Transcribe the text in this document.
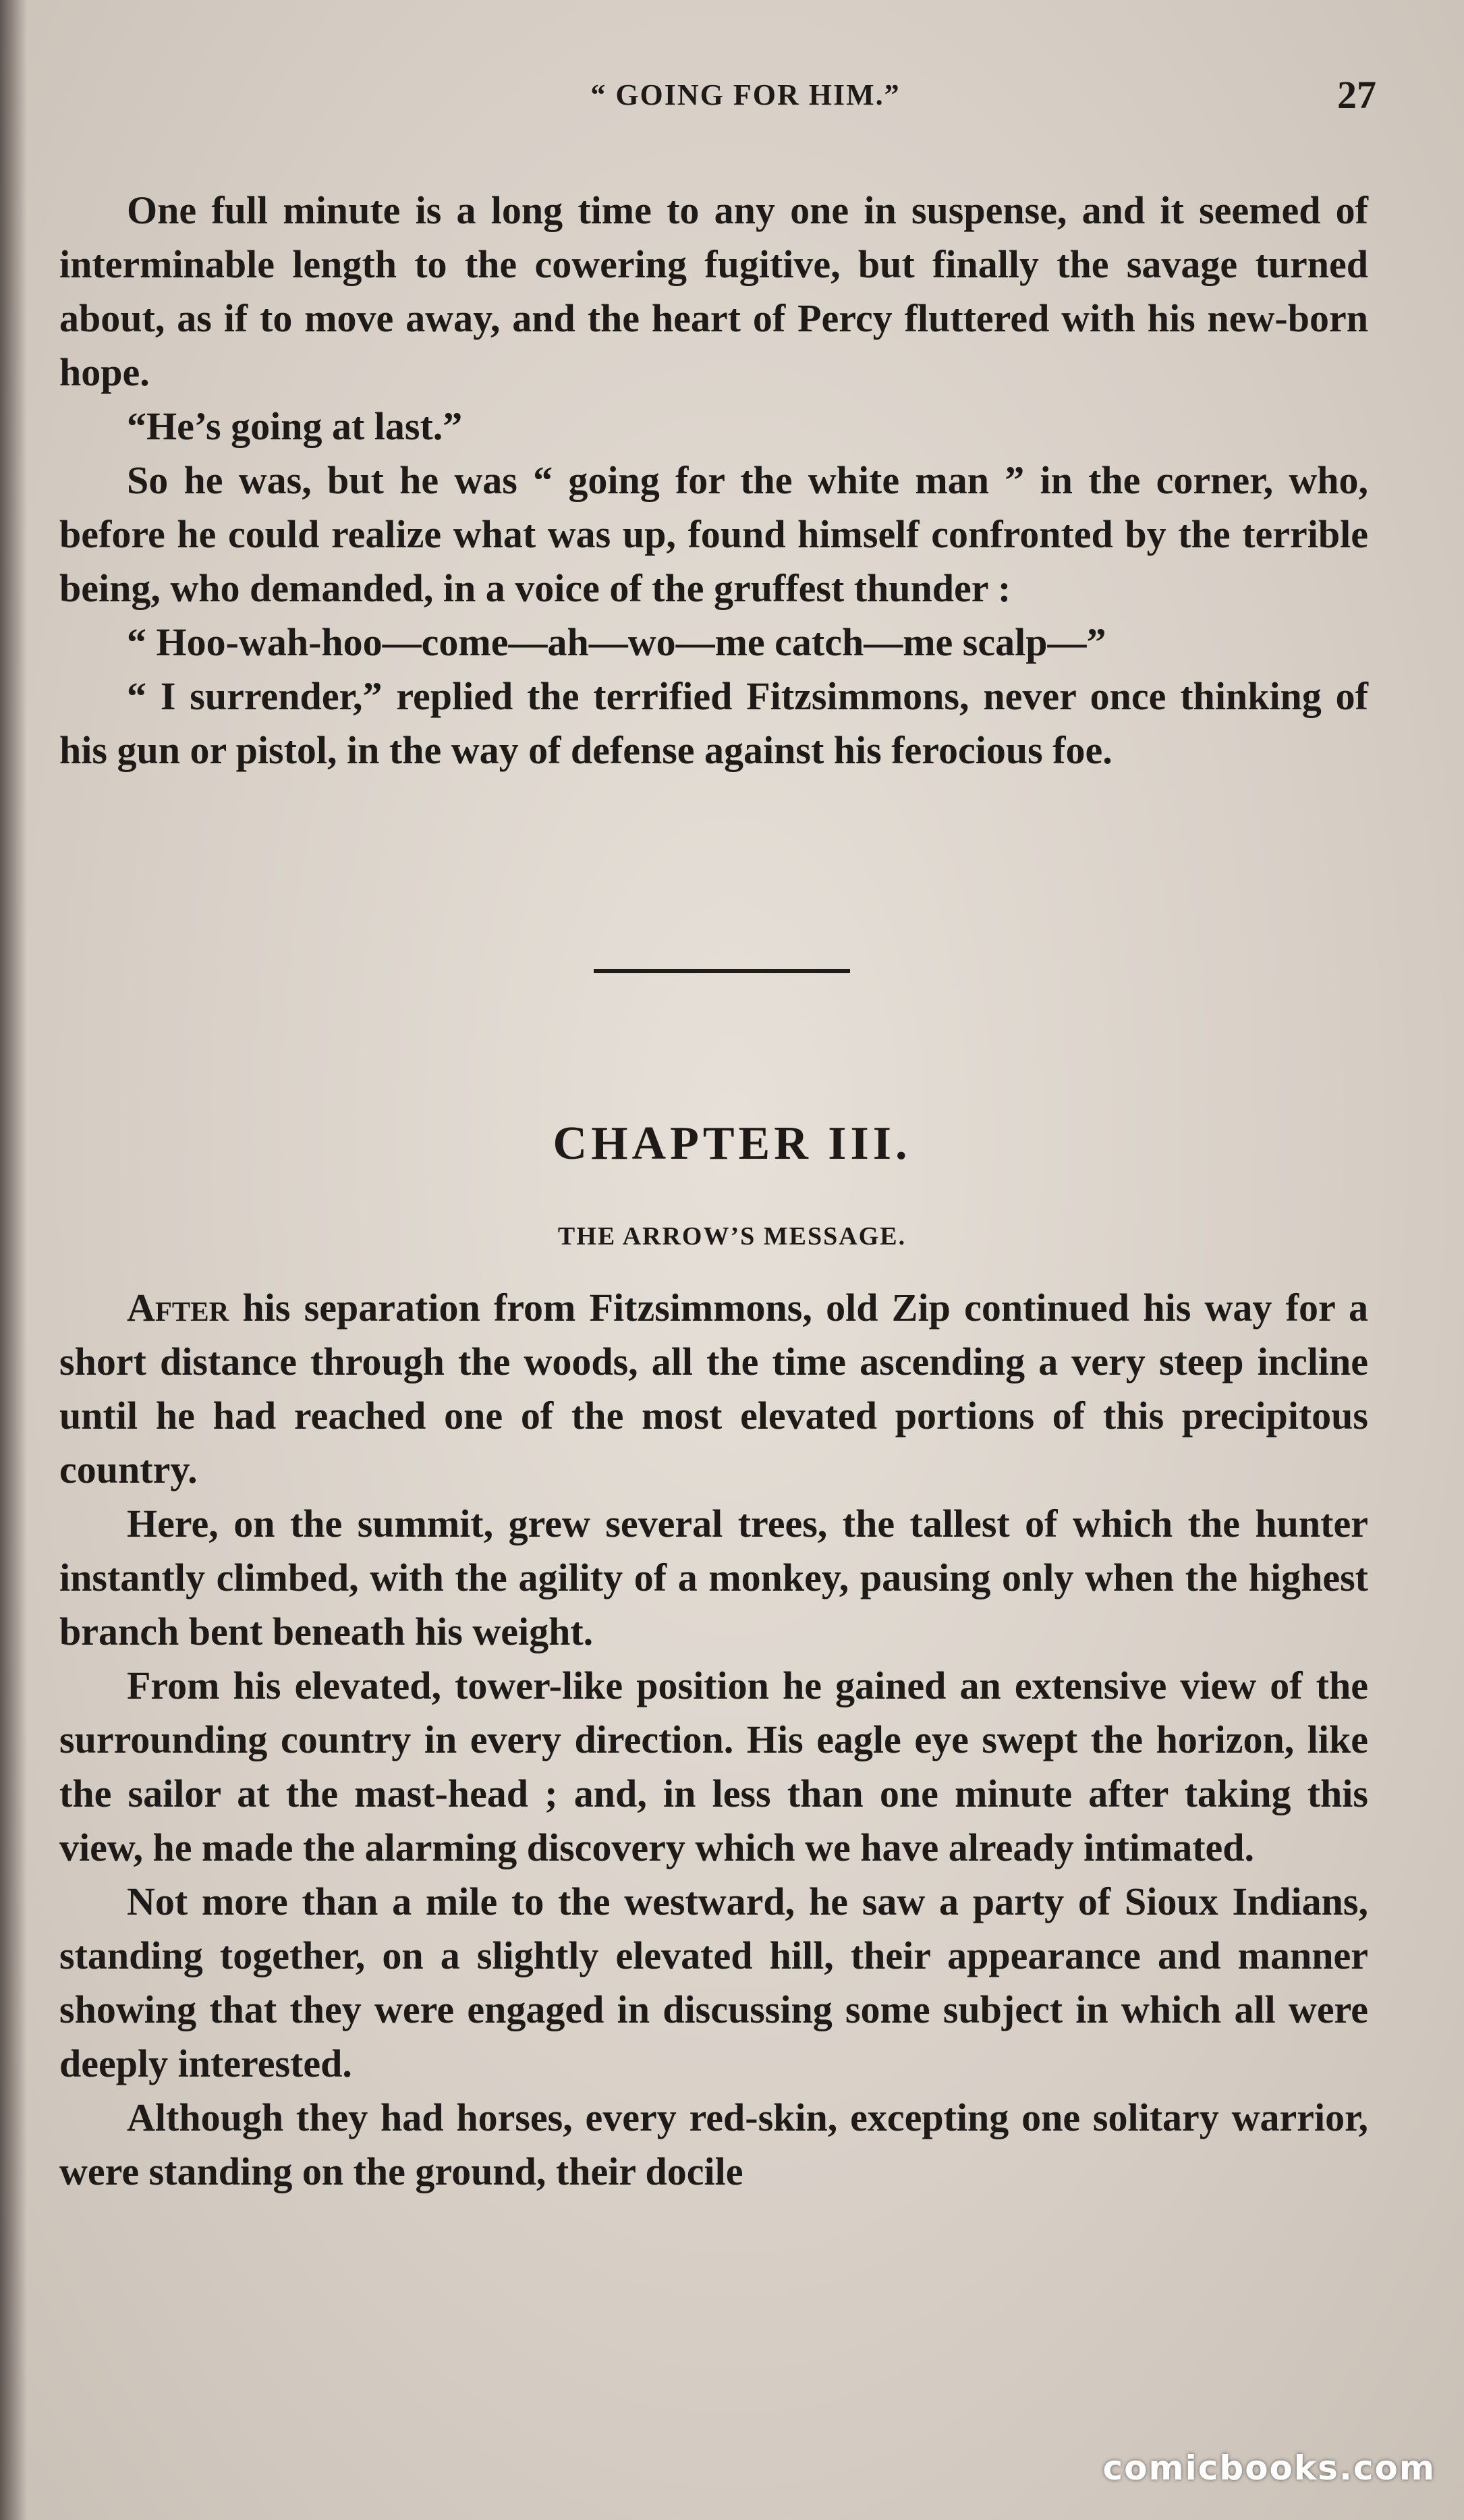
“ GOING FOR HIM.”	27

One full minute is a long time to any one in suspense, and it seemed of interminable length to the cowering fugitive, but finally the savage turned about, as if to move away, and the heart of Percy fluttered with his new-born hope.

“He’s going at last.”

So he was, but he was “ going for the white man ” in the corner, who, before he could realize what was up, found himself confronted by the terrible being, who demanded, in a voice of the gruffest thunder :

“ Hoo-wah-hoo—come—ah—wo—me catch—me scalp—”

“ I surrender,” replied the terrified Fitzsimmons, never once thinking of his gun or pistol, in the way of defense against his ferocious foe.

CHAPTER III.
THE ARROW’S MESSAGE.

After his separation from Fitzsimmons, old Zip continued his way for a short distance through the woods, all the time ascending a very steep incline until he had reached one of the most elevated portions of this precipitous country.

Here, on the summit, grew several trees, the tallest of which the hunter instantly climbed, with the agility of a monkey, pausing only when the highest branch bent beneath his weight.

From his elevated, tower-like position he gained an extensive view of the surrounding country in every direction. His eagle eye swept the horizon, like the sailor at the mast-head ; and, in less than one minute after taking this view, he made the alarming discovery which we have already intimated.

Not more than a mile to the westward, he saw a party of Sioux Indians, standing together, on a slightly elevated hill, their appearance and manner showing that they were engaged in discussing some subject in which all were deeply interested.

Although they had horses, every red-skin, excepting one solitary warrior, were standing on the ground, their docile

comicbooks.com
